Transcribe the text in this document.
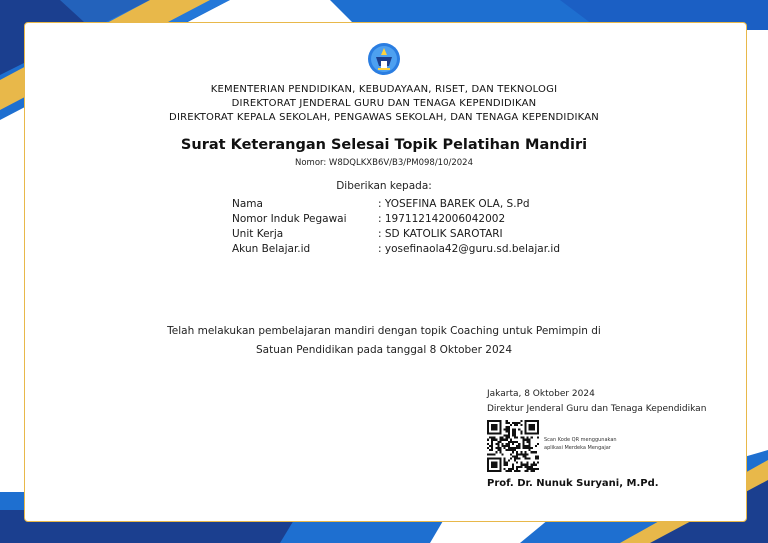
KEMENTERIAN PENDIDIKAN, KEBUDAYAAN, RISET, DAN TEKNOLOGI
DIREKTORAT JENDERAL GURU DAN TENAGA KEPENDIDIKAN
DIREKTORAT KEPALA SEKOLAH, PENGAWAS SEKOLAH, DAN TENAGA KEPENDIDIKAN
Surat Keterangan Selesai Topik Pelatihan Mandiri
Nomor: W8DQLKXB6V/B3/PM098/10/2024
Diberikan kepada:
Nama	: YOSEFINA BAREK OLA, S.Pd
Nomor Induk Pegawai	: 197112142006042002
Unit Kerja	: SD KATOLIK SAROTARI
Akun Belajar.id	: yosefinaola42@guru.sd.belajar.id
Telah melakukan pembelajaran mandiri dengan topik Coaching untuk Pemimpin di
Satuan Pendidikan pada tanggal 8 Oktober 2024
Jakarta, 8 Oktober 2024
Direktur Jenderal Guru dan Tenaga Kependidikan
Scan Kode QR menggunakan
aplikasi Merdeka Mengajar
Prof. Dr. Nunuk Suryani, M.Pd.
